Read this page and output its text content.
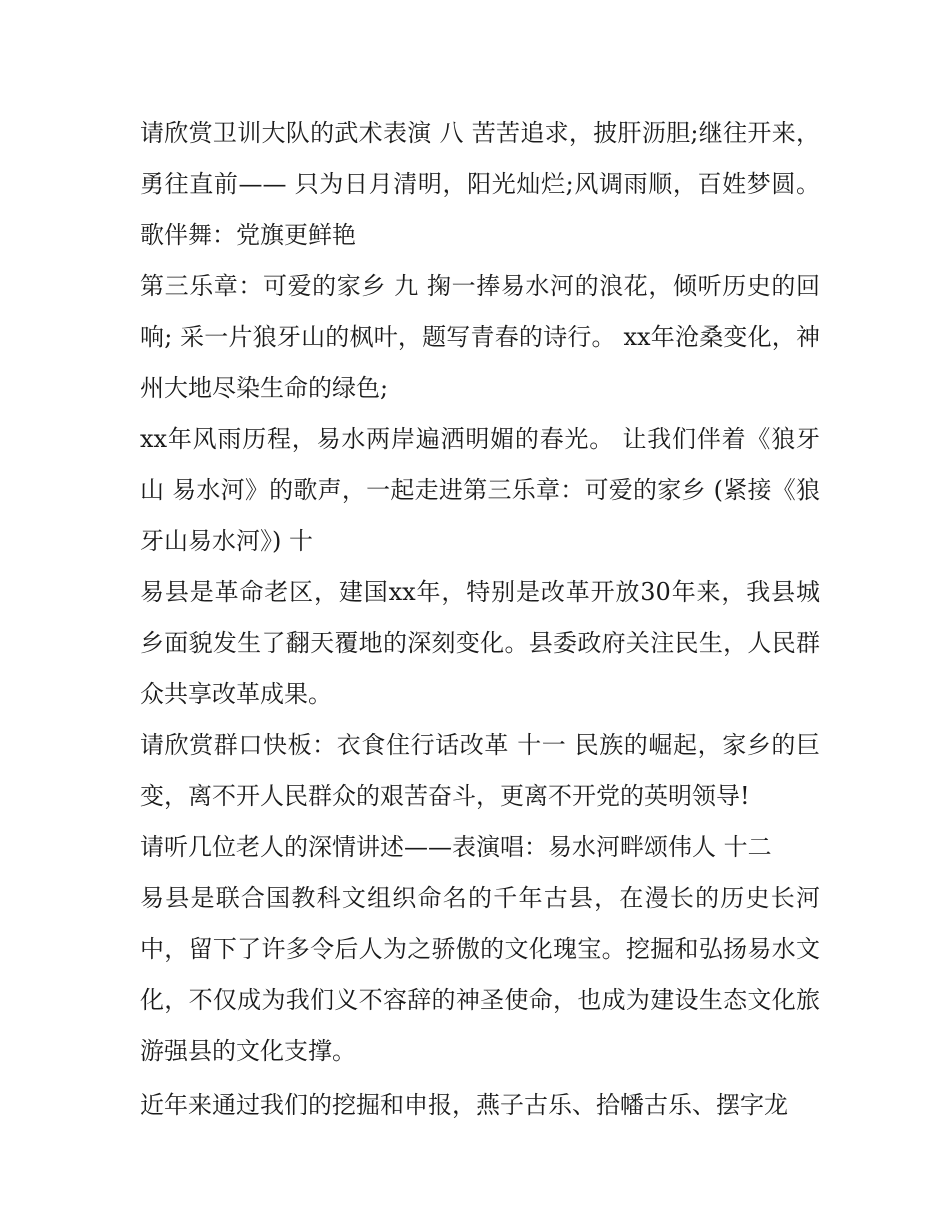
请欣赏卫训大队的武术表演 八 苦苦追求，披肝沥胆;继往开来，勇往直前—— 只为日月清明，阳光灿烂;风调雨顺，百姓梦圆。 歌伴舞：党旗更鲜艳

第三乐章：可爱的家乡 九 掬一捧易水河的浪花，倾听历史的回响; 采一片狼牙山的枫叶，题写青春的诗行。 xx年沧桑变化，神州大地尽染生命的绿色;

xx年风雨历程，易水两岸遍洒明媚的春光。 让我们伴着《狼牙山 易水河》的歌声，一起走进第三乐章：可爱的家乡 (紧接《狼牙山易水河》) 十

易县是革命老区，建国xx年，特别是改革开放30年来，我县城乡面貌发生了翻天覆地的深刻变化。县委政府关注民生，人民群众共享改革成果。

请欣赏群口快板：衣食住行话改革 十一 民族的崛起，家乡的巨变，离不开人民群众的艰苦奋斗，更离不开党的英明领导!

请听几位老人的深情讲述——表演唱：易水河畔颂伟人 十二

易县是联合国教科文组织命名的千年古县，在漫长的历史长河中，留下了许多令后人为之骄傲的文化瑰宝。挖掘和弘扬易水文化，不仅成为我们义不容辞的神圣使命，也成为建设生态文化旅游强县的文化支撑。

近年来通过我们的挖掘和申报，燕子古乐、拾幡古乐、摆字龙
